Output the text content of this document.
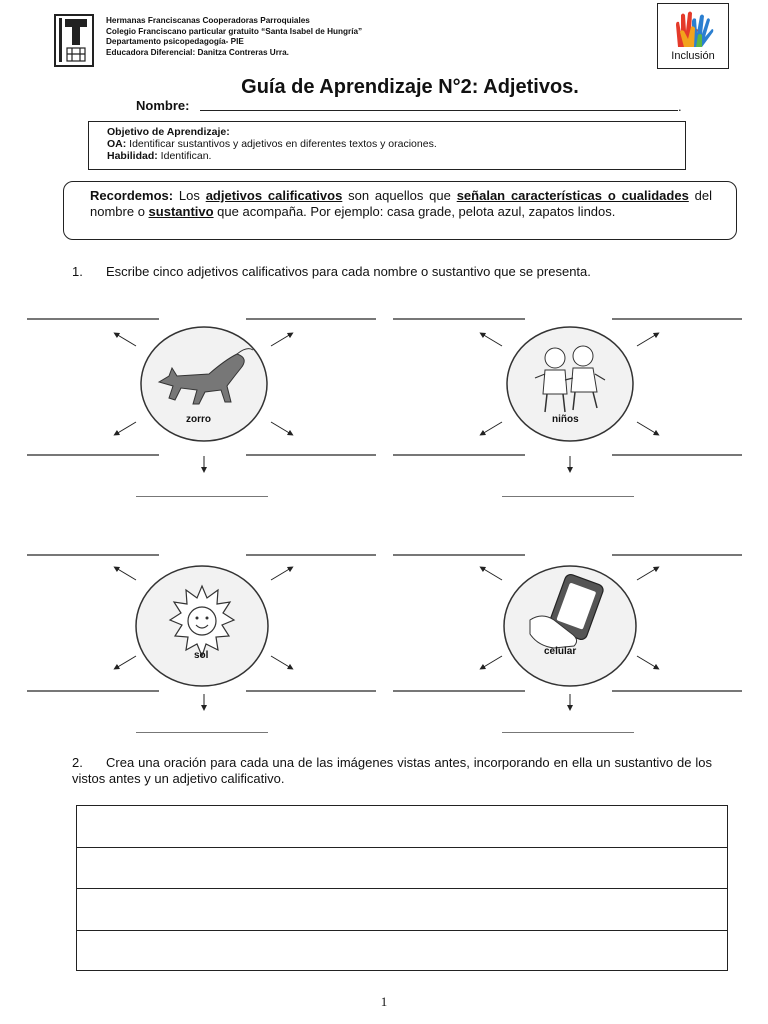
Hermanas Franciscanas Cooperadoras Parroquiales
Colegio Franciscano particular gratuito “Santa Isabel de Hungría”
Departamento psicopedagogía- PIE
Educadora Diferencial: Danitza Contreras Urra.	Inclusión
Guía de Aprendizaje N°2: Adjetivos.
Nombre:	.
Objetivo de Aprendizaje:
OA: Identificar sustantivos y adjetivos en diferentes textos y oraciones.
Habilidad: Identifican.
Recordemos: Los adjetivos calificativos son aquellos que señalan características o cualidades del nombre o sustantivo que acompaña. Por ejemplo: casa grade, pelota azul, zapatos lindos.
1. Escribe cinco adjetivos calificativos para cada nombre o sustantivo que se presenta.
zorro	niños
sol	celular
2. Crea una oración para cada una de las imágenes vistas antes, incorporando en ella un sustantivo de los vistos antes y un adjetivo calificativo.
1
